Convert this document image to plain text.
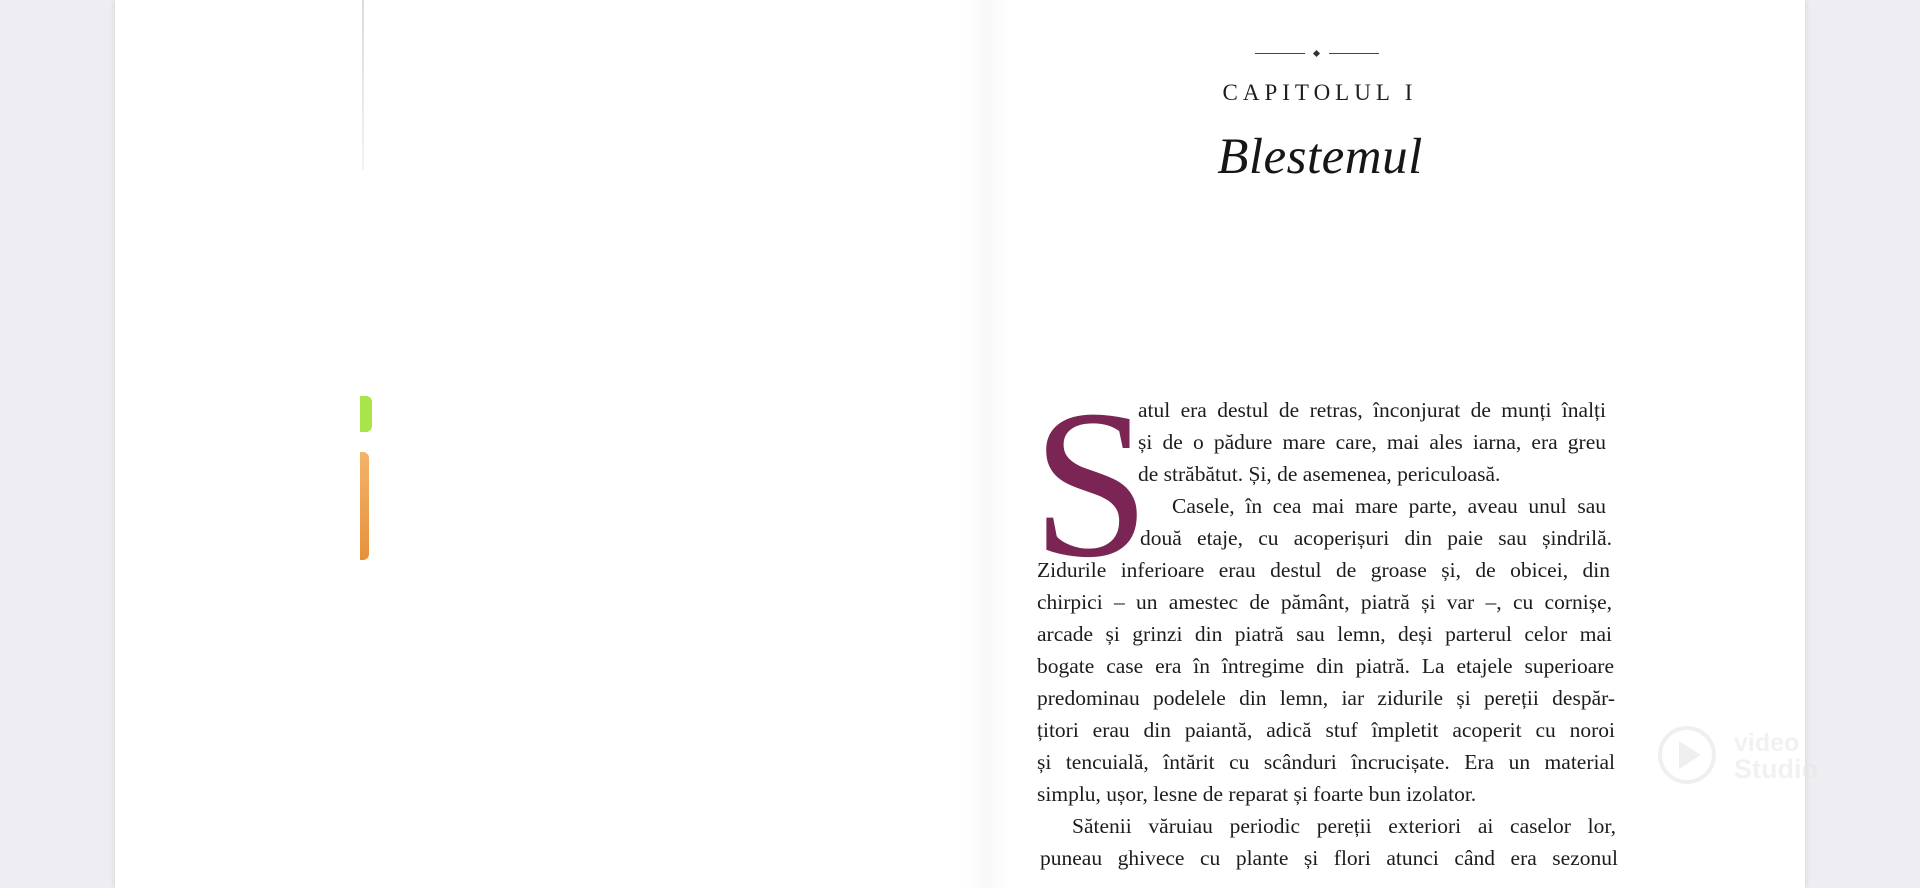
CAPITOLUL I
Blestemul
S
atul era destul de retras, înconjurat de munți înalți
și de o pădure mare care, mai ales iarna, era greu
de străbătut. Și, de asemenea, periculoasă.
Casele, în cea mai mare parte, aveau unul sau
două etaje, cu acoperișuri din paie sau șindrilă.
Zidurile inferioare erau destul de groase și, de obicei, din
chirpici – un amestec de pământ, piatră și var –, cu cornișe,
arcade și grinzi din piatră sau lemn, deși parterul celor mai
bogate case era în întregime din piatră. La etajele superioare
predominau podelele din lemn, iar zidurile și pereții despăr-
țitori erau din paiantă, adică stuf împletit acoperit cu noroi
și tencuială, întărit cu scânduri încrucișate. Era un material
simplu, ușor, lesne de reparat și foarte bun izolator.
Sătenii văruiau periodic pereții exteriori ai caselor lor,
puneau ghivece cu plante și flori atunci când era sezonul
video
Studio
